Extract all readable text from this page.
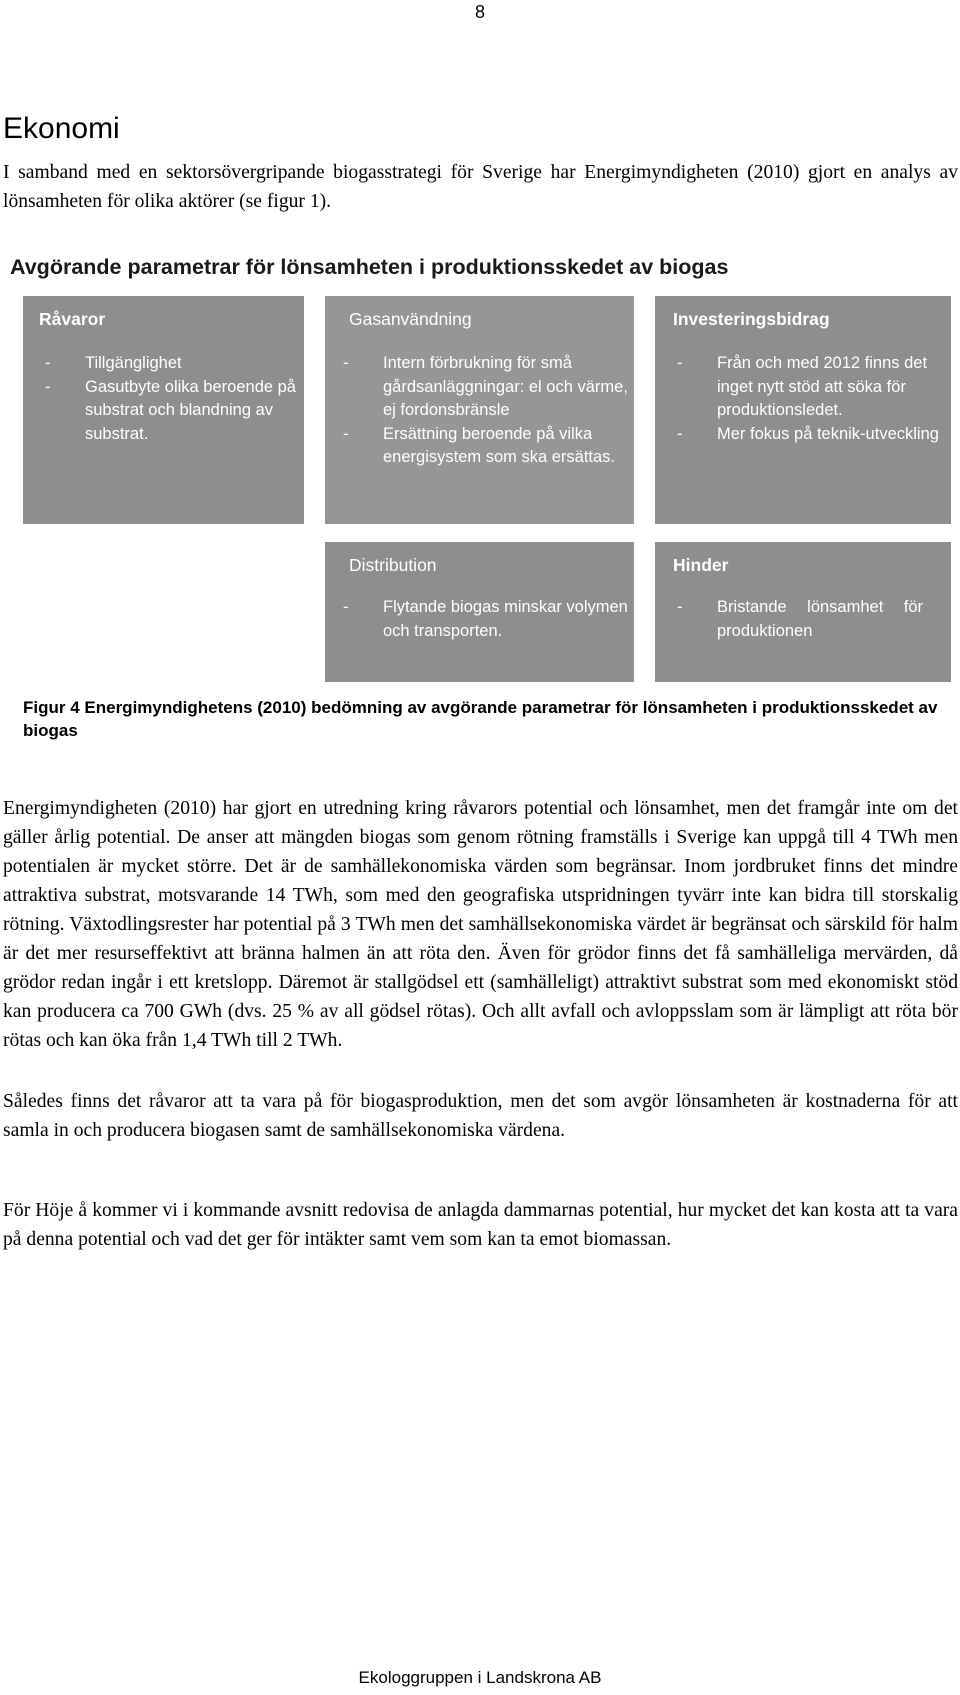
8
Ekonomi
I samband med en sektorsövergripande biogasstrategi för Sverige har Energimyndigheten (2010) gjort en analys av lönsamheten för olika aktörer (se figur 1).
Avgörande parametrar för lönsamheten i produktionsskedet av biogas
Råvaror
- Tillgänglighet
- Gasutbyte olika beroende på substrat och blandning av substrat.
Gasanvändning
- Intern förbrukning för små gårdsanläggningar: el och värme, ej fordonsbränsle
- Ersättning beroende på vilka energisystem som ska ersättas.
Investeringsbidrag
- Från och med 2012 finns det inget nytt stöd att söka för produktionsledet.
- Mer fokus på teknik-utveckling
Distribution
- Flytande biogas minskar volymen och transporten.
Hinder
- Bristande lönsamhet för produktionen
Figur 4 Energimyndighetens (2010) bedömning av avgörande parametrar för lönsamheten i produktionsskedet av biogas
Energimyndigheten (2010) har gjort en utredning kring råvarors potential och lönsamhet, men det framgår inte om det gäller årlig potential. De anser att mängden biogas som genom rötning framställs i Sverige kan uppgå till 4 TWh men potentialen är mycket större. Det är de samhällekonomiska värden som begränsar. Inom jordbruket finns det mindre attraktiva substrat, motsvarande 14 TWh, som med den geografiska utspridningen tyvärr inte kan bidra till storskalig rötning. Växtodlingsrester har potential på 3 TWh men det samhällsekonomiska värdet är begränsat och särskild för halm är det mer resurseffektivt att bränna halmen än att röta den. Även för grödor finns det få samhälleliga mervärden, då grödor redan ingår i ett kretslopp. Däremot är stallgödsel ett (samhälleligt) attraktivt substrat som med ekonomiskt stöd kan producera ca 700 GWh (dvs. 25 % av all gödsel rötas). Och allt avfall och avloppsslam som är lämpligt att röta bör rötas och kan öka från 1,4 TWh till 2 TWh.
Således finns det råvaror att ta vara på för biogasproduktion, men det som avgör lönsamheten är kostnaderna för att samla in och producera biogasen samt de samhällsekonomiska värdena.
För Höje å kommer vi i kommande avsnitt redovisa de anlagda dammarnas potential, hur mycket det kan kosta att ta vara på denna potential och vad det ger för intäkter samt vem som kan ta emot biomassan.
Ekologgruppen i Landskrona AB
